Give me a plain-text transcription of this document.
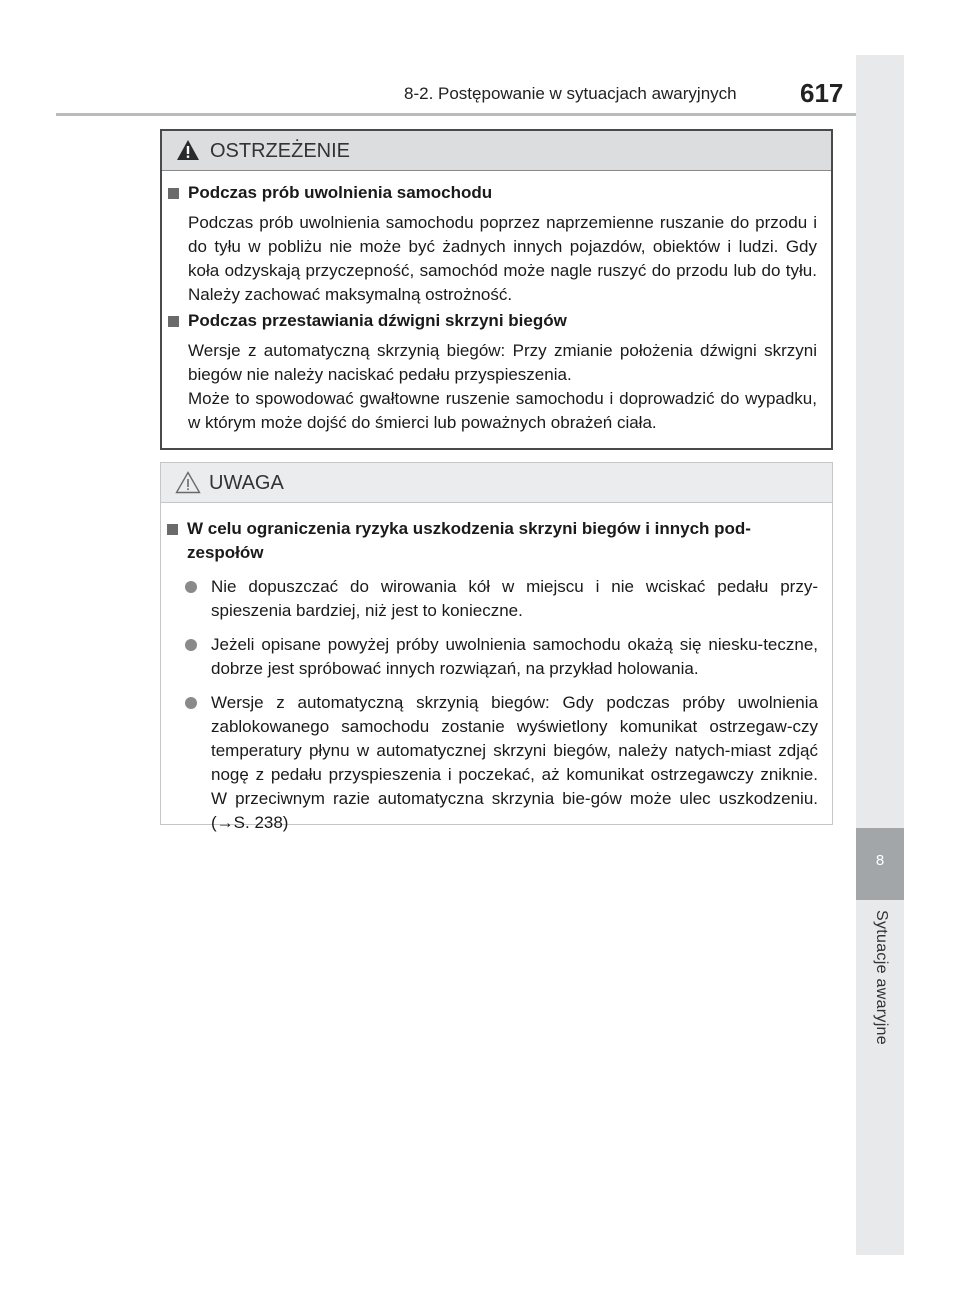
8-2. Postępowanie w sytuacjach awaryjnych 617
8
Sytuacje awaryjne
OSTRZEŻENIE
Podczas prób uwolnienia samochodu
Podczas prób uwolnienia samochodu poprzez naprzemienne ruszanie do przodu i do tyłu w pobliżu nie może być żadnych innych pojazdów, obiektów i ludzi. Gdy koła odzyskają przyczepność, samochód może nagle ruszyć do przodu lub do tyłu. Należy zachować maksymalną ostrożność.
Podczas przestawiania dźwigni skrzyni biegów
Wersje z automatyczną skrzynią biegów: Przy zmianie położenia dźwigni skrzyni biegów nie należy naciskać pedału przyspieszenia.
Może to spowodować gwałtowne ruszenie samochodu i doprowadzić do wypadku, w którym może dojść do śmierci lub poważnych obrażeń ciała.
UWAGA
W celu ograniczenia ryzyka uszkodzenia skrzyni biegów i innych pod-zespołów
Nie dopuszczać do wirowania kół w miejscu i nie wciskać pedału przy-spieszenia bardziej, niż jest to konieczne.
Jeżeli opisane powyżej próby uwolnienia samochodu okażą się niesku-teczne, dobrze jest spróbować innych rozwiązań, na przykład holowania.
Wersje z automatyczną skrzynią biegów: Gdy podczas próby uwolnienia zablokowanego samochodu zostanie wyświetlony komunikat ostrzegaw-czy temperatury płynu w automatycznej skrzyni biegów, należy natych-miast zdjąć nogę z pedału przyspieszenia i poczekać, aż komunikat ostrzegawczy zniknie. W przeciwnym razie automatyczna skrzynia bie-gów może ulec uszkodzeniu. (→S. 238)
